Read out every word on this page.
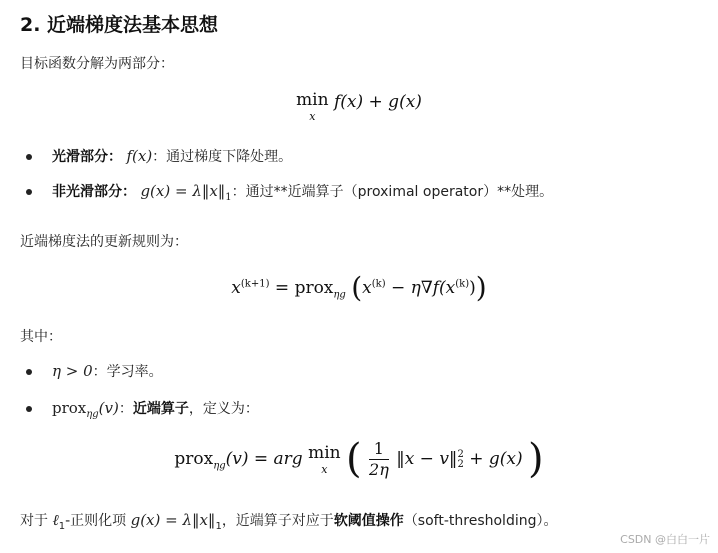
2. 近端梯度法基本思想
目标函数分解为两部分：
min
x
f(x) + g(x)
光滑部分： f(x)：通过梯度下降处理。
非光滑部分： $g(x) = \lambda‖x‖_1$：通过**近端算子（proximal operator）**处理。
近端梯度法的更新规则为：
$x^{(k+1)}$ = prox$_{\eta g}$ $(x^{(k)} - \eta\nabla f(x^{(k)}))$
其中：
η > 0：学习率。
prox$_{\eta g}$(v)：近端算子，定义为：
prox$_{\eta g}$(v) = arg min
x ( $\frac{1}{2\eta}$ ‖x − v‖ 2
2 + g(x) )
对于 ℓ$_1$-正则化项 $g(x) = \lambda‖x‖_1$，近端算子对应于软阈值操作（soft-thresholding）。
CSDN @白白一片
